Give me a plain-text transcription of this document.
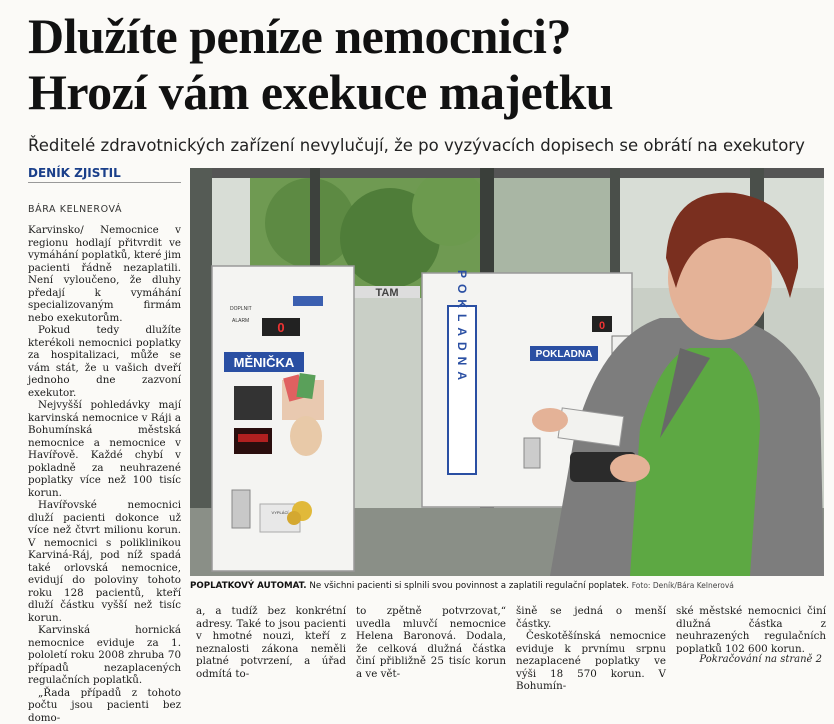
Dlužíte peníze nemocnici?
Hrozí vám exekuce majetku
Ředitelé zdravotnických zařízení nevylučují, že po vyzývacích dopisech se obrátí na exekutory
DENÍK ZJISTIL
BÁRA KELNEROVÁ

Karvinsko/ Nemocnice v regionu hodlají přitvrdit ve vymáhání poplatků, které jim pacienti řádně nezaplatili. Není vyloučeno, že dluhy předají k vymáhání specializovaným firmám nebo exekutorům.

Pokud tedy dlužíte kterékoli nemocnici poplatky za hospitalizaci, může se vám stát, že u vašich dveří jednoho dne zazvoní exekutor.

Nejvyšší pohledávky mají karvinská nemocnice v Ráji a Bohumínská městská nemocnice a nemocnice v Havířově. Každé chybí v pokladně za neuhrazené poplatky více než 100 tisíc korun.

Havířovské nemocnici dluží pacienti dokonce už více než čtvrt milionu korun. V nemocnici s poliklinikou Karviná-Ráj, pod níž spadá také orlovská nemocnice, evidují do poloviny tohoto roku 128 pacientů, kteří dluží částku vyšší než tisíc korun.

Karvinská hornická nemocnice eviduje za 1. pololetí roku 2008 zhruba 70 případů nezaplacených regulačních poplatků.

„Řada případů z tohoto počtu jsou pacienti bez domo-

TAM
DOPLNIT
ALARM 0
MĚNIČKA
VYPLÁCÍ
POKLADNA	POKLADNA
0
POPLATKOVÝ AUTOMAT. Ne všichni pacienti si splnili svou povinnost a zaplatili regulační poplatek. Foto: Deník/Bára Kelnerová

a, a tudíž bez konkrétní adresy. Také to jsou pacienti v hmotné nouzi, kteří z neznalosti zákona neměli platné potvrzení, a úřad odmítá to-

to zpětně potvrzovat,“ uvedla mluvčí nemocnice Helena Baronová. Dodala, že celková dlužná částka činí přibližně 25 tisíc korun a ve vět-

šině se jedná o menší částky.

Českotěšínská nemocnice eviduje k prvnímu srpnu nezaplacené poplatky ve výši 18 570 korun. V Bohumín-

ské městské nemocnici činí dlužná částka z neuhrazených regulačních poplatků 102 600 korun.

Pokračování na straně 2
